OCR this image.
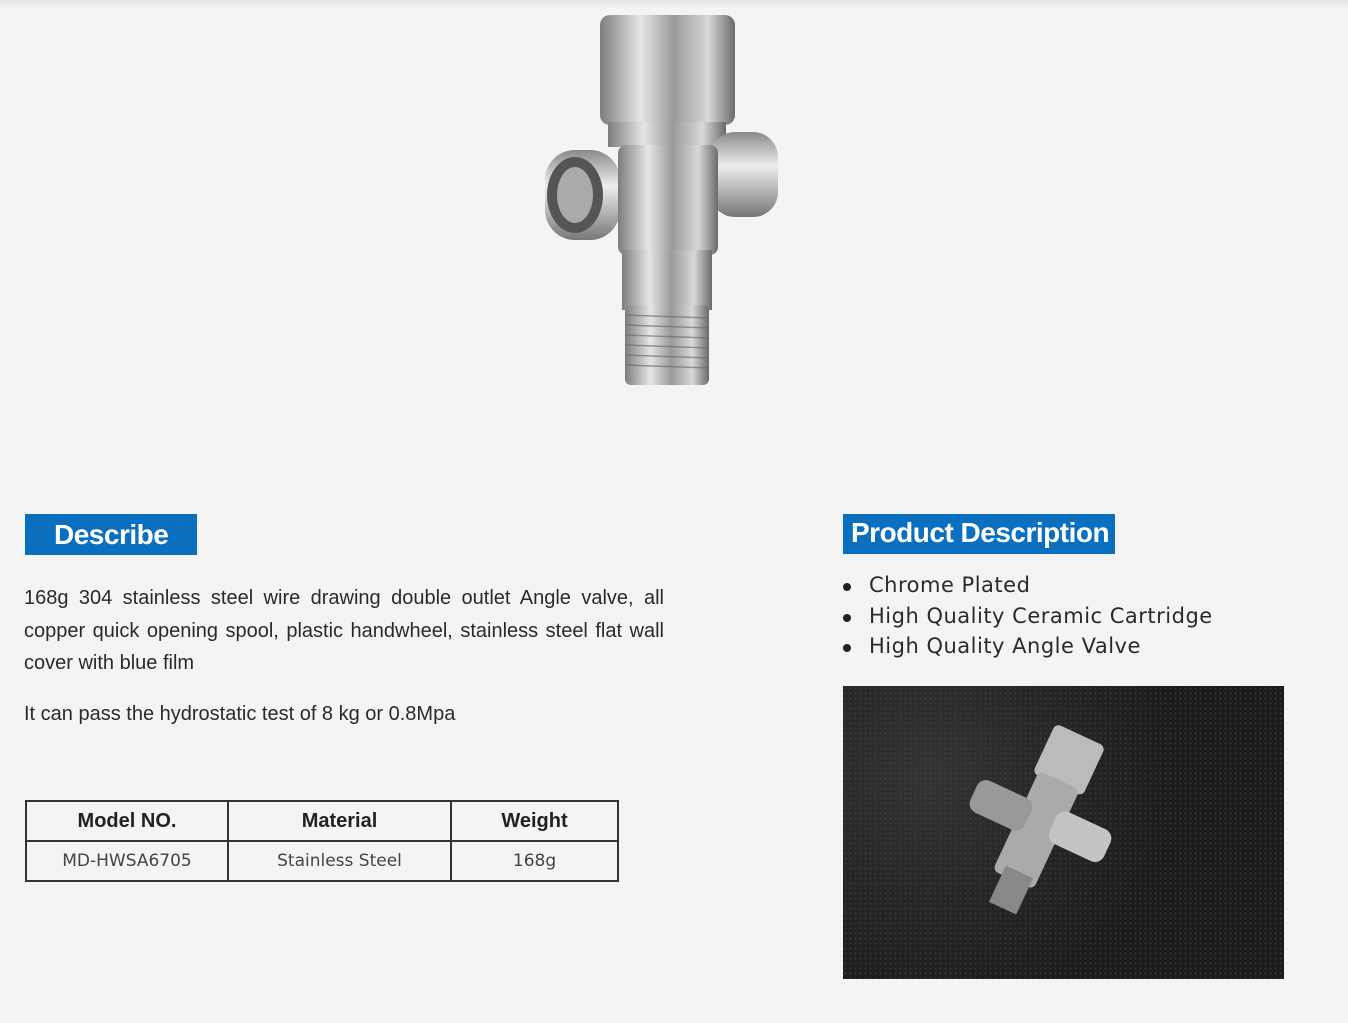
Describe
168g 304 stainless steel wire drawing double outlet Angle valve, all copper quick opening spool, plastic handwheel, stainless steel flat wall cover with blue film
It can pass the hydrostatic test of 8 kg or 0.8Mpa
Model NO.	Material	Weight
MD-HWSA6705	Stainless Steel	168g
Product Description
Chrome Plated
High Quality Ceramic Cartridge
High Quality Angle Valve
